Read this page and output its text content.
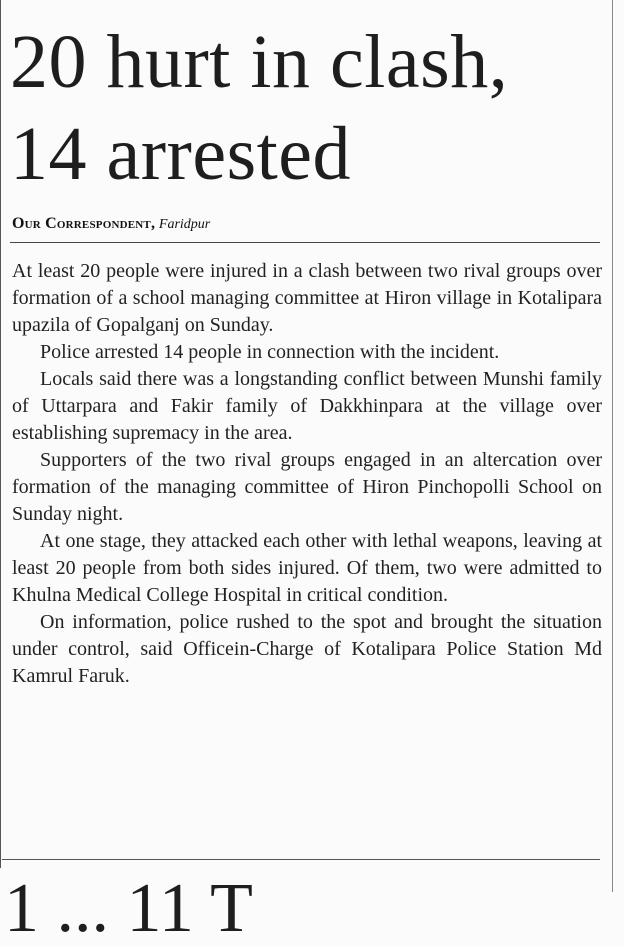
20 hurt in clash,
14 arrested
Our Correspondent, Faridpur

At least 20 people were injured in a clash between two rival groups over formation of a school managing committee at Hiron village in Kotalipara upazila of Gopalganj on Sunday.

Police arrested 14 people in connection with the incident.

Locals said there was a longstanding conflict between Munshi family of Uttarpara and Fakir family of Dakkhinpara at the village over establishing supremacy in the area.

Supporters of the two rival groups engaged in an altercation over formation of the managing committee of Hiron Pinchopolli School on Sunday night.

At one stage, they attacked each other with lethal weapons, leaving at least 20 people from both sides injured. Of them, two were admitted to Khulna Medical College Hospital in critical condition.

On information, police rushed to the spot and brought the situation under control, said Officein-Charge of Kotalipara Police Station Md Kamrul Faruk.

1 ... 11 T
